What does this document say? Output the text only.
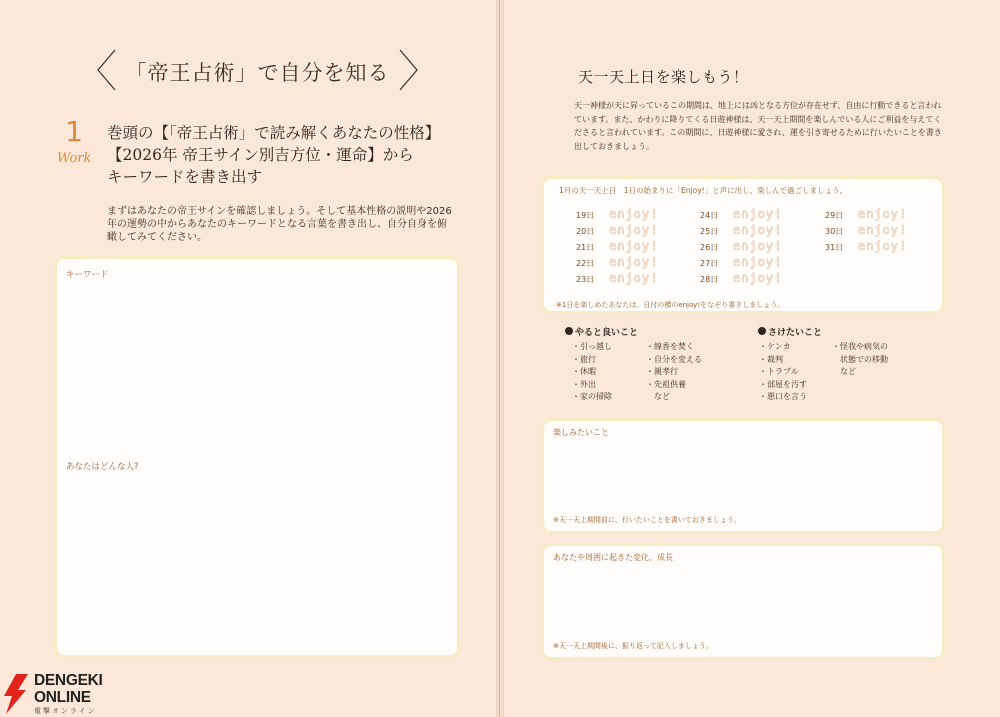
「帝王占術」で自分を知る
1
Work
巻頭の【「帝王占術」で読み解くあなたの性格】
【2026年 帝王サイン別吉方位・運命】から
キーワードを書き出す
まずはあなたの帝王サインを確認しましょう。そして基本性格の説明や2026年の運勢の中からあなたのキーワードとなる言葉を書き出し、自分自身を俯瞰してみてください。
キーワード
あなたはどんな人?
天一天上日を楽しもう！
天一神様が天に昇っているこの期間は、地上には凶となる方位が存在せず、自由に行動できると言われています。また、かわりに降りてくる日遊神様は、天一天上期間を楽しんでいる人にご利益を与えてくださると言われています。この期間に、日遊神様に愛され、運を引き寄せるために行いたいことを書き出しておきましょう。
1月の天一天上日　1日の始まりに「Enjoy!」と声に出し、楽しんで過ごしましょう。
19日 enjoy!
20日 enjoy!
21日 enjoy!
22日 enjoy!
23日 enjoy!
24日 enjoy!
25日 enjoy!
26日 enjoy!
27日 enjoy!
28日 enjoy!
29日 enjoy!
30日 enjoy!
31日 enjoy!
※1日を楽しめたあなたは、日付の横のenjoy!をなぞり書きしましょう。
やると良いこと
・引っ越し
・旅行
・休暇
・外出
・家の掃除
・線香を焚く
・自分を変える
・親孝行
・先祖供養
　など
さけたいこと
・ケンカ
・裁判
・トラブル
・部屋を汚す
・悪口を言う
・怪我や病気の
　状態での移動
　など
楽しみたいこと
※天一天上期間前に、行いたいことを書いておきましょう。
あなたや周囲に起きた変化、成長
※天一天上期間後に、振り返って記入しましょう。
DENGEKI
ONLINE
電撃オンライン
